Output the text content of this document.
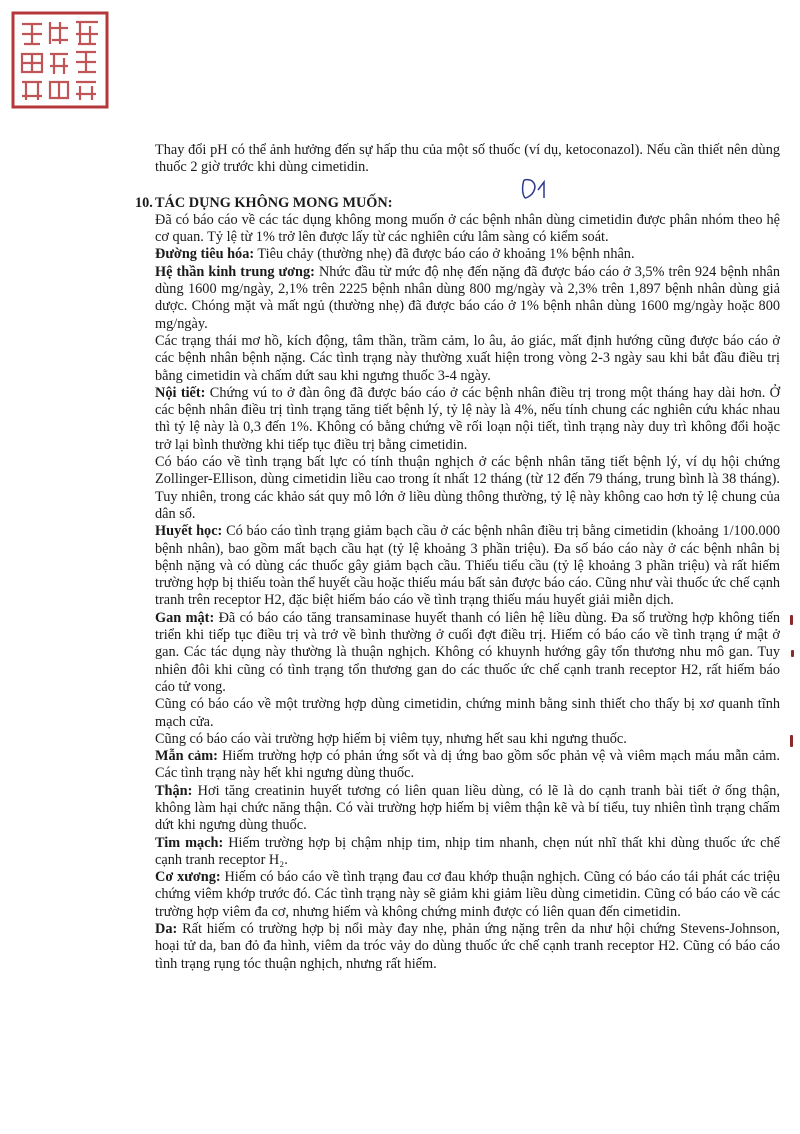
Thay đổi pH có thể ảnh hưởng đến sự hấp thu của một số thuốc (ví dụ, ketoconazol). Nếu cần thiết nên dùng thuốc 2 giờ trước khi dùng cimetidin.

10. TÁC DỤNG KHÔNG MONG MUỐN:

Đã có báo cáo về các tác dụng không mong muốn ở các bệnh nhân dùng cimetidin được phân nhóm theo hệ cơ quan. Tỷ lệ từ 1% trở lên được lấy từ các nghiên cứu lâm sàng có kiểm soát.

Đường tiêu hóa: Tiêu chảy (thường nhẹ) đã được báo cáo ở khoảng 1% bệnh nhân.

Hệ thần kinh trung ương: Nhức đầu từ mức độ nhẹ đến nặng đã được báo cáo ở 3,5% trên 924 bệnh nhân dùng 1600 mg/ngày, 2,1% trên 2225 bệnh nhân dùng 800 mg/ngày và 2,3% trên 1,897 bệnh nhân dùng giả dược. Chóng mặt và mất ngủ (thường nhẹ) đã được báo cáo ở 1% bệnh nhân dùng 1600 mg/ngày hoặc 800 mg/ngày.

Các trạng thái mơ hồ, kích động, tâm thần, trầm cảm, lo âu, ảo giác, mất định hướng cũng được báo cáo ở các bệnh nhân bệnh nặng. Các tình trạng này thường xuất hiện trong vòng 2-3 ngày sau khi bắt đầu điều trị bằng cimetidin và chấm dứt sau khi ngưng thuốc 3-4 ngày.

Nội tiết: Chứng vú to ở đàn ông đã được báo cáo ở các bệnh nhân điều trị trong một tháng hay dài hơn. Ở các bệnh nhân điều trị tình trạng tăng tiết bệnh lý, tỷ lệ này là 4%, nếu tính chung các nghiên cứu khác nhau thì tỷ lệ này là 0,3 đến 1%. Không có bằng chứng về rối loạn nội tiết, tình trạng này duy trì không đổi hoặc trở lại bình thường khi tiếp tục điều trị bằng cimetidin.

Có báo cáo về tình trạng bất lực có tính thuận nghịch ở các bệnh nhân tăng tiết bệnh lý, ví dụ hội chứng Zollinger-Ellison, dùng cimetidin liều cao trong ít nhất 12 tháng (từ 12 đến 79 tháng, trung bình là 38 tháng). Tuy nhiên, trong các khảo sát quy mô lớn ở liều dùng thông thường, tỷ lệ này không cao hơn tỷ lệ chung của dân số.

Huyết học: Có báo cáo tình trạng giảm bạch cầu ở các bệnh nhân điều trị bằng cimetidin (khoảng 1/100.000 bệnh nhân), bao gồm mất bạch cầu hạt (tỷ lệ khoảng 3 phần triệu). Đa số báo cáo này ở các bệnh nhân bị bệnh nặng và có dùng các thuốc gây giảm bạch cầu. Thiếu tiểu cầu (tỷ lệ khoảng 3 phần triệu) và rất hiếm trường hợp bị thiếu toàn thể huyết cầu hoặc thiếu máu bất sản được báo cáo. Cũng như vài thuốc ức chế cạnh tranh trên receptor H2, đặc biệt hiếm báo cáo về tình trạng thiếu máu huyết giải miễn dịch.

Gan mật: Đã có báo cáo tăng transaminase huyết thanh có liên hệ liều dùng. Đa số trường hợp không tiến triển khi tiếp tục điều trị và trở về bình thường ở cuối đợt điều trị. Hiếm có báo cáo về tình trạng ứ mật ở gan. Các tác dụng này thường là thuận nghịch. Không có khuynh hướng gây tổn thương nhu mô gan. Tuy nhiên đôi khi cũng có tình trạng tổn thương gan do các thuốc ức chế cạnh tranh receptor H2, rất hiếm báo cáo tử vong.

Cũng có báo cáo về một trường hợp dùng cimetidin, chứng minh bằng sinh thiết cho thấy bị xơ quanh tĩnh mạch cửa.

Cũng có báo cáo vài trường hợp hiếm bị viêm tụy, nhưng hết sau khi ngưng thuốc.

Mẫn cảm: Hiếm trường hợp có phản ứng sốt và dị ứng bao gồm sốc phản vệ và viêm mạch máu mẫn cảm. Các tình trạng này hết khi ngưng dùng thuốc.

Thận: Hơi tăng creatinin huyết tương có liên quan liều dùng, có lẽ là do cạnh tranh bài tiết ở ống thận, không làm hại chức năng thận. Có vài trường hợp hiếm bị viêm thận kẽ và bí tiểu, tuy nhiên tình trạng chấm dứt khi ngưng dùng thuốc.

Tim mạch: Hiếm trường hợp bị chậm nhịp tim, nhịp tim nhanh, chẹn nút nhĩ thất khi dùng thuốc ức chế cạnh tranh receptor H₂.

Cơ xương: Hiếm có báo cáo về tình trạng đau cơ đau khớp thuận nghịch. Cũng có báo cáo tái phát các triệu chứng viêm khớp trước đó. Các tình trạng này sẽ giảm khi giảm liều dùng cimetidin. Cũng có báo cáo về các trường hợp viêm đa cơ, nhưng hiếm và không chứng minh được có liên quan đến cimetidin.

Da: Rất hiếm có trường hợp bị nổi mày đay nhẹ, phản ứng nặng trên da như hội chứng Stevens-Johnson, hoại tử da, ban đỏ đa hình, viêm da tróc vảy do dùng thuốc ức chế cạnh tranh receptor H2. Cũng có báo cáo tình trạng rụng tóc thuận nghịch, nhưng rất hiếm.
